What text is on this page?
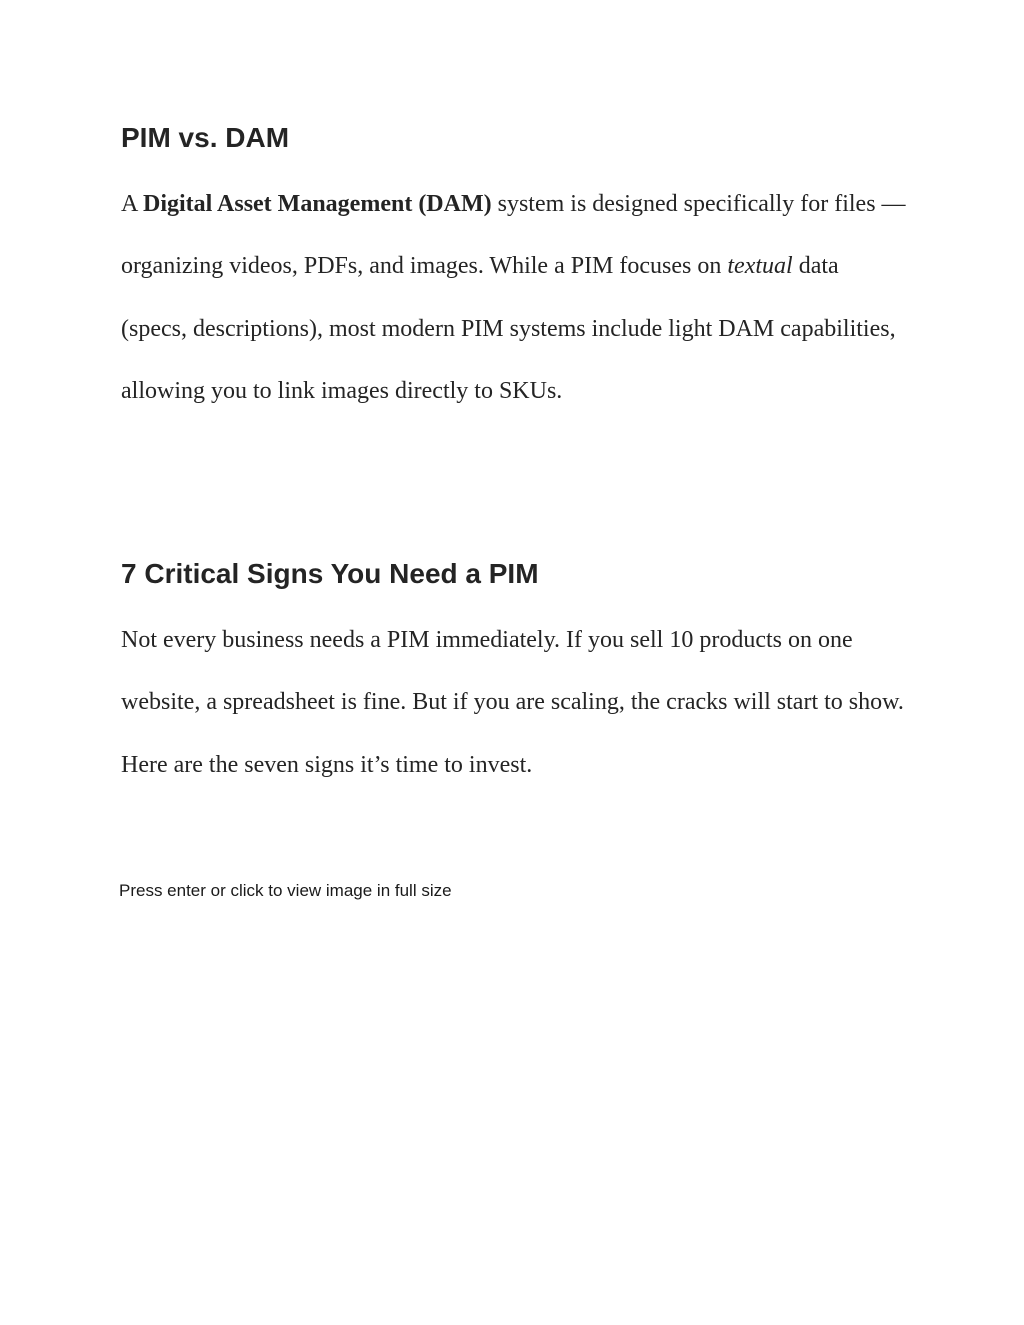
PIM vs. DAM

A Digital Asset Management (DAM) system is designed specifically for files — organizing videos, PDFs, and images. While a PIM focuses on textual data (specs, descriptions), most modern PIM systems include light DAM capabilities, allowing you to link images directly to SKUs.

7 Critical Signs You Need a PIM

Not every business needs a PIM immediately. If you sell 10 products on one website, a spreadsheet is fine. But if you are scaling, the cracks will start to show. Here are the seven signs it’s time to invest.

Press enter or click to view image in full size
